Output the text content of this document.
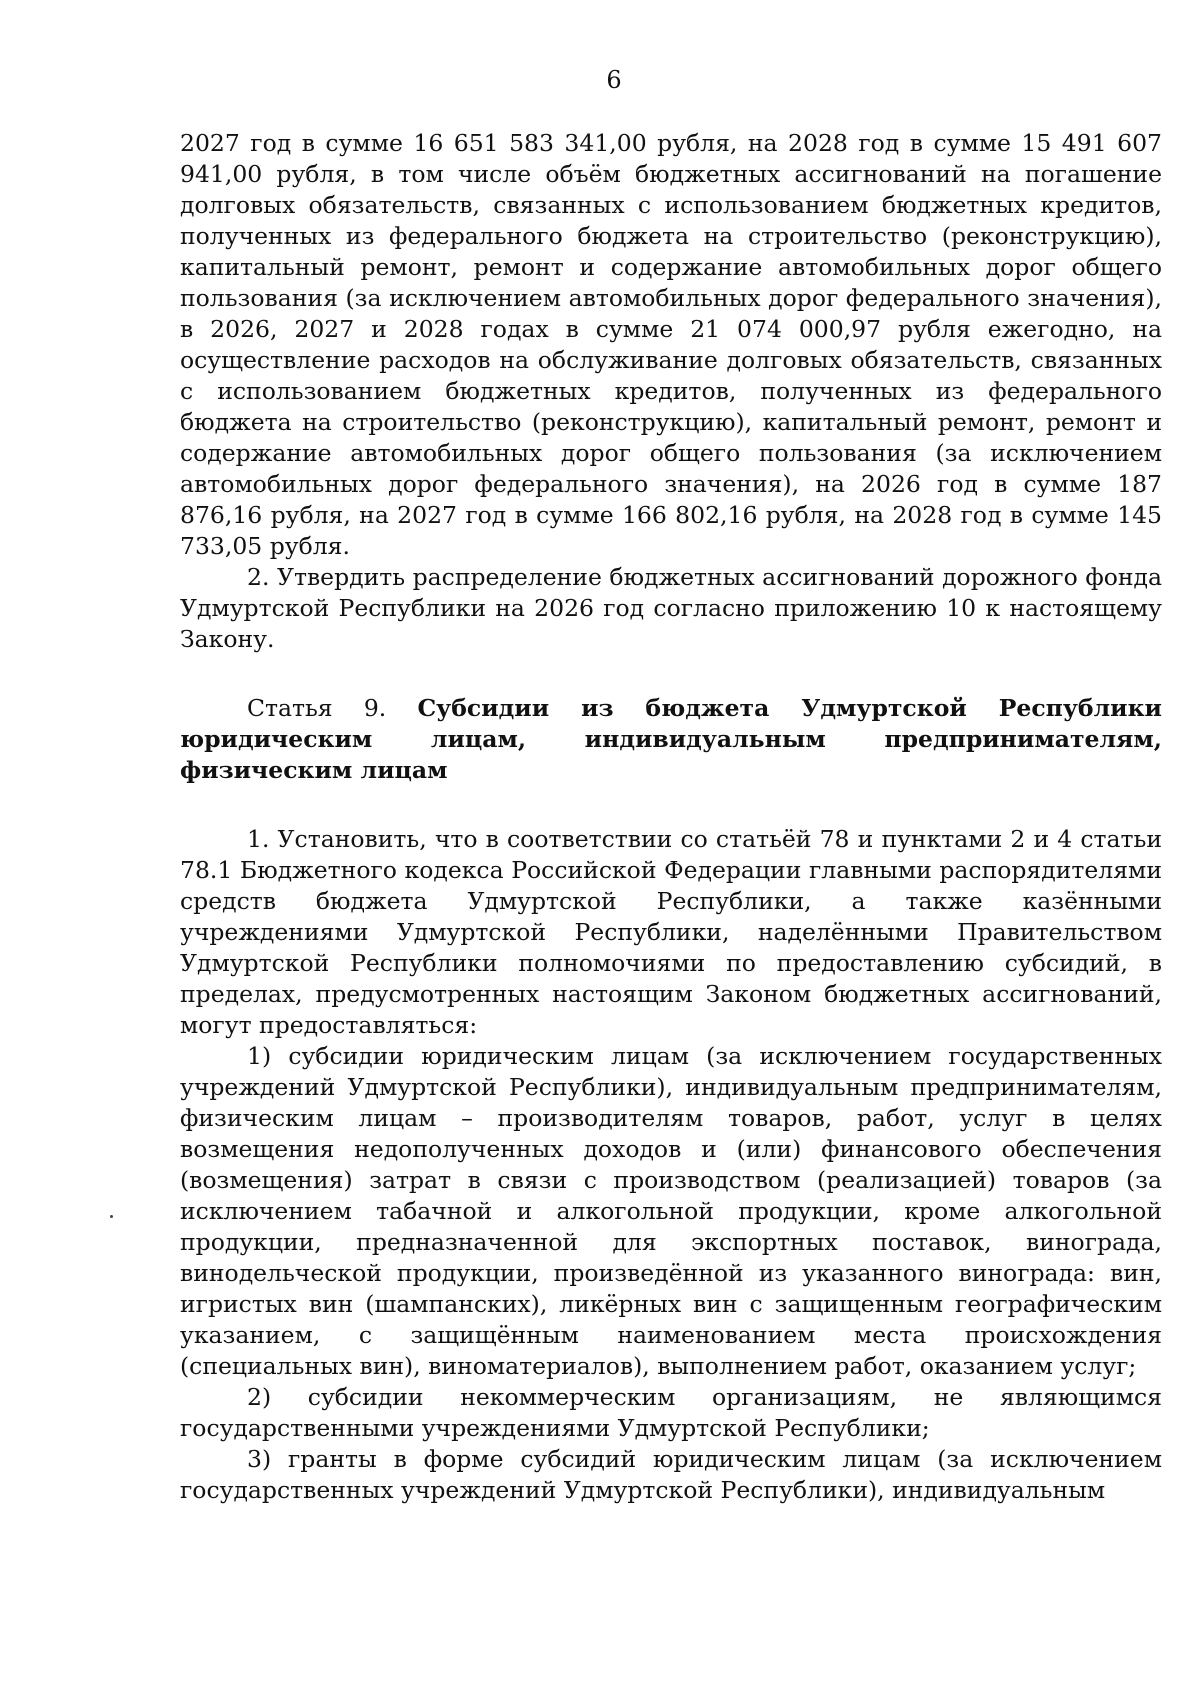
6

2027 год в сумме 16 651 583 341,00 рубля, на 2028 год в сумме 15 491 607 941,00 рубля, в том числе объём бюджетных ассигнований на погашение долговых обязательств, связанных с использованием бюджетных кредитов, полученных из федерального бюджета на строительство (реконструкцию), капитальный ремонт, ремонт и содержание автомобильных дорог общего пользования (за исключением автомобильных дорог федерального значения), в 2026, 2027 и 2028 годах в сумме 21 074 000,97 рубля ежегодно, на осуществление расходов на обслуживание долговых обязательств, связанных с использованием бюджетных кредитов, полученных из федерального бюджета на строительство (реконструкцию), капитальный ремонт, ремонт и содержание автомобильных дорог общего пользования (за исключением автомобильных дорог федерального значения), на 2026 год в сумме 187 876,16 рубля, на 2027 год в сумме 166 802,16 рубля, на 2028 год в сумме 145 733,05 рубля.

2. Утвердить распределение бюджетных ассигнований дорожного фонда Удмуртской Республики на 2026 год согласно приложению 10 к настоящему Закону.

Статья 9. Субсидии из бюджета Удмуртской Республики юридическим лицам, индивидуальным предпринимателям, физическим лицам

1. Установить, что в соответствии со статьёй 78 и пунктами 2 и 4 статьи 78.1 Бюджетного кодекса Российской Федерации главными распорядителями средств бюджета Удмуртской Республики, а также казёнными учреждениями Удмуртской Республики, наделёнными Правительством Удмуртской Республики полномочиями по предоставлению субсидий, в пределах, предусмотренных настоящим Законом бюджетных ассигнований, могут предоставляться:

1) субсидии юридическим лицам (за исключением государственных учреждений Удмуртской Республики), индивидуальным предпринимателям, физическим лицам – производителям товаров, работ, услуг в целях возмещения недополученных доходов и (или) финансового обеспечения (возмещения) затрат в связи с производством (реализацией) товаров (за исключением табачной и алкогольной продукции, кроме алкогольной продукции, предназначенной для экспортных поставок, винограда, винодельческой продукции, произведённой из указанного винограда: вин, игристых вин (шампанских), ликёрных вин с защищенным географическим указанием, с защищённым наименованием места происхождения (специальных вин), виноматериалов), выполнением работ, оказанием услуг;

2) субсидии некоммерческим организациям, не являющимся государственными учреждениями Удмуртской Республики;

3) гранты в форме субсидий юридическим лицам (за исключением государственных учреждений Удмуртской Республики), индивидуальным
